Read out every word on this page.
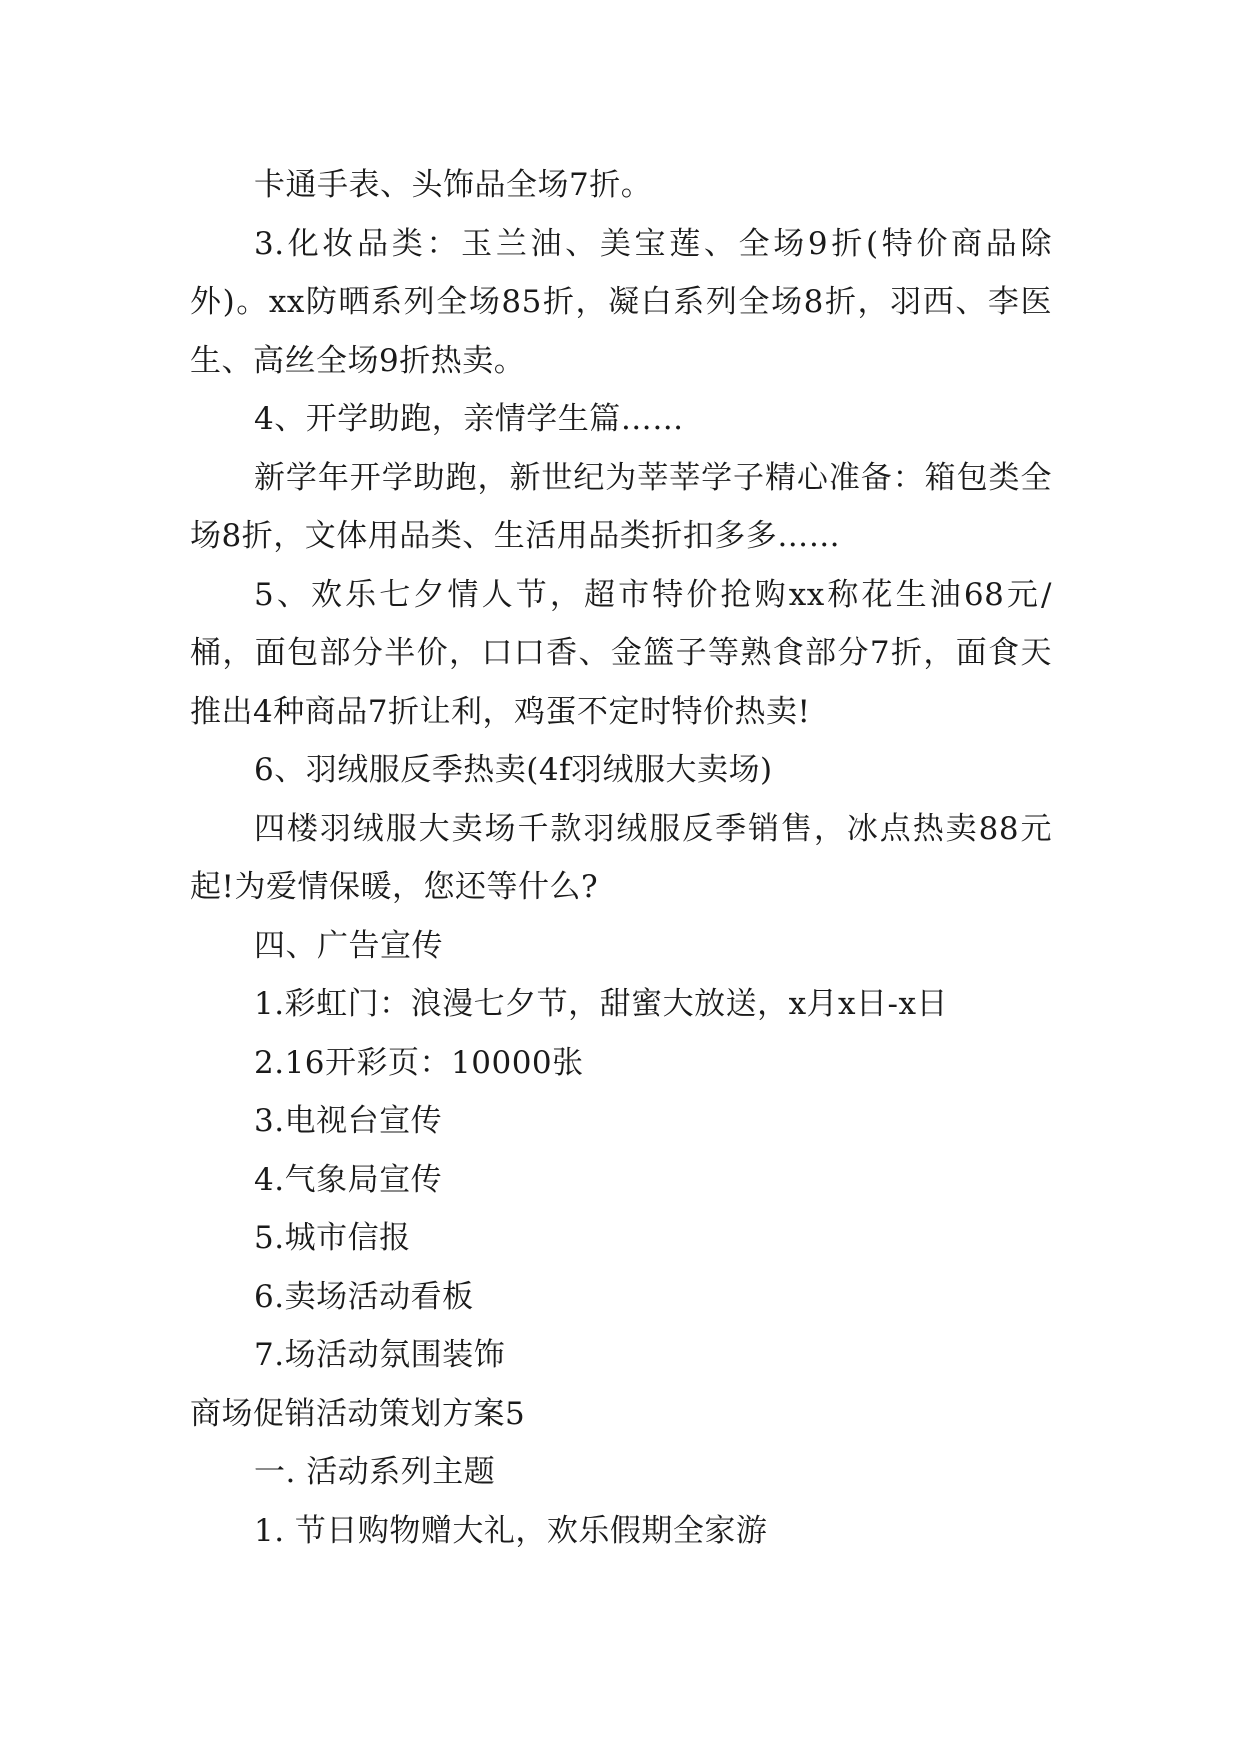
卡通手表、头饰品全场7折。

3.化妆品类：玉兰油、美宝莲、全场9折(特价商品除外)。xx防晒系列全场85折，凝白系列全场8折，羽西、李医生、高丝全场9折热卖。

4、开学助跑，亲情学生篇……

新学年开学助跑，新世纪为莘莘学子精心准备：箱包类全场8折，文体用品类、生活用品类折扣多多……

5、欢乐七夕情人节，超市特价抢购xx称花生油68元/桶，面包部分半价，口口香、金篮子等熟食部分7折，面食天推出4种商品7折让利，鸡蛋不定时特价热卖!

6、羽绒服反季热卖(4f羽绒服大卖场)

四楼羽绒服大卖场千款羽绒服反季销售，冰点热卖88元起!为爱情保暖，您还等什么?

四、广告宣传

1.彩虹门：浪漫七夕节，甜蜜大放送，x月x日-x日

2.16开彩页：10000张

3.电视台宣传

4.气象局宣传

5.城市信报

6.卖场活动看板

7.场活动氛围装饰

商场促销活动策划方案5

一. 活动系列主题

1. 节日购物赠大礼，欢乐假期全家游
